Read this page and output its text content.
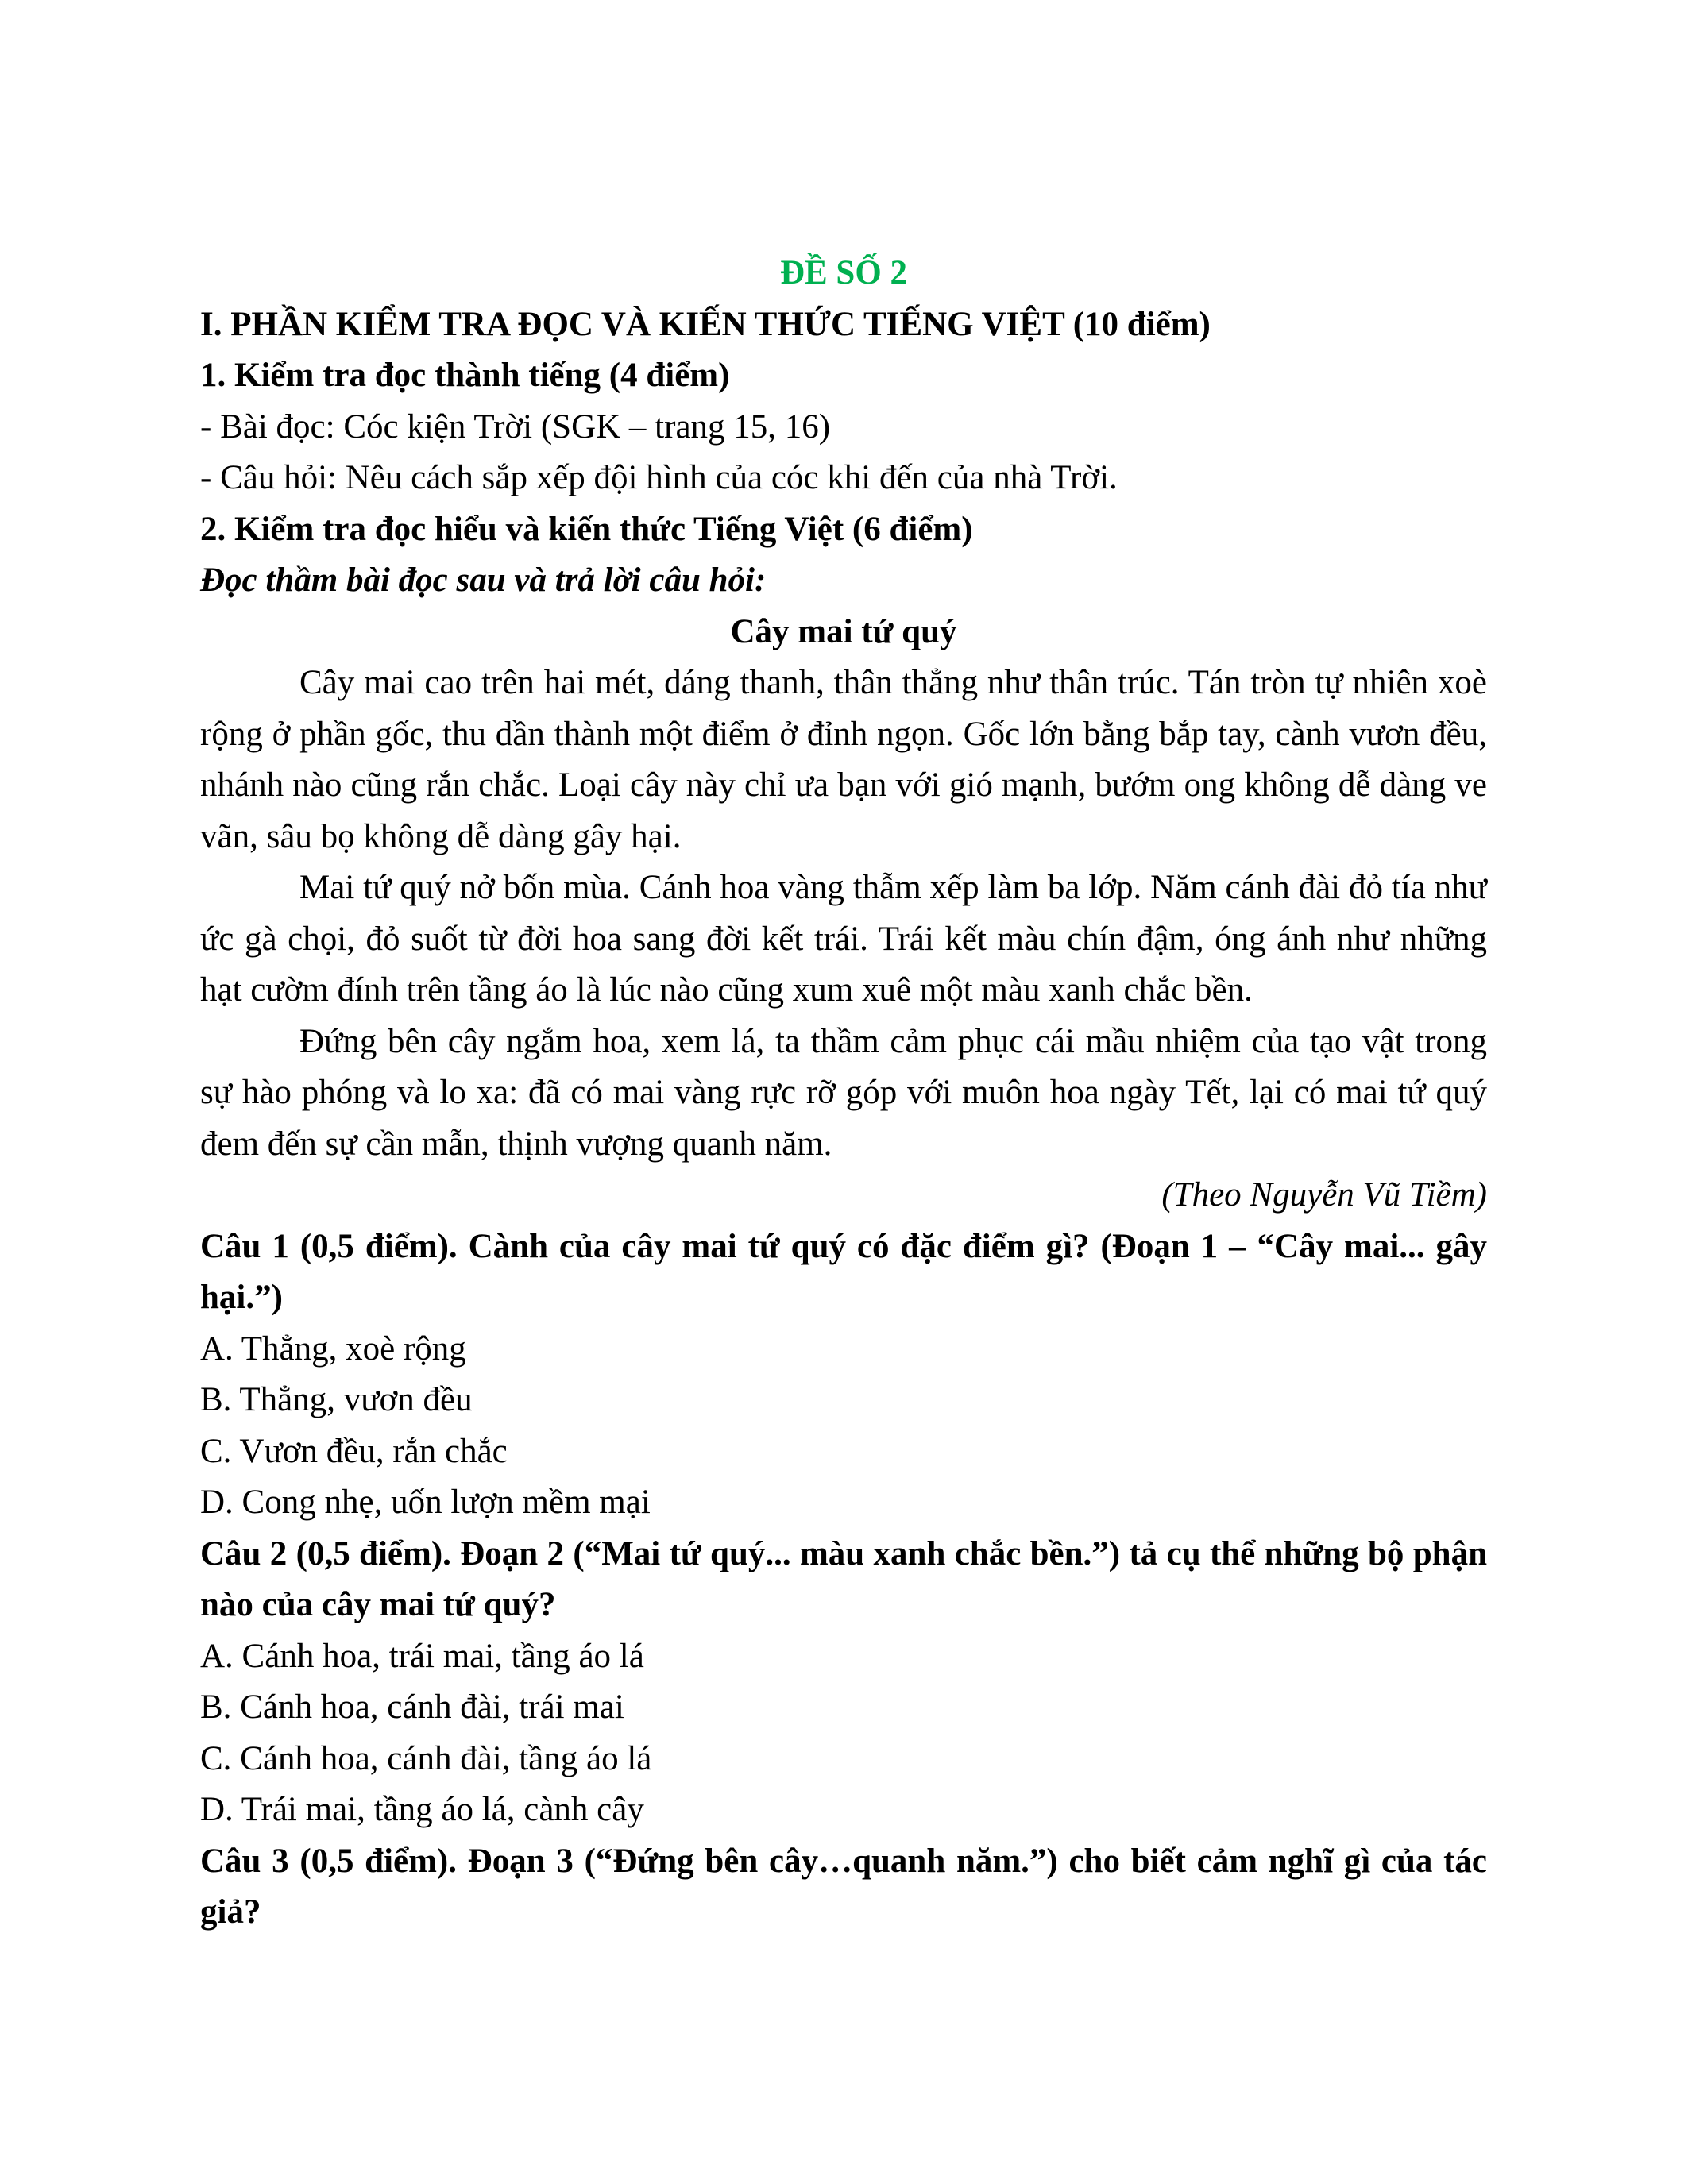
ĐỀ SỐ 2

I. PHẦN KIỂM TRA ĐỌC VÀ KIẾN THỨC TIẾNG VIỆT (10 điểm)

1. Kiểm tra đọc thành tiếng (4 điểm)

- Bài đọc: Cóc kiện Trời (SGK – trang 15, 16)

- Câu hỏi: Nêu cách sắp xếp đội hình của cóc khi đến của nhà Trời.

2. Kiểm tra đọc hiểu và kiến thức Tiếng Việt (6 điểm)

Đọc thầm bài đọc sau và trả lời câu hỏi:

Cây mai tứ quý

Cây mai cao trên hai mét, dáng thanh, thân thẳng như thân trúc. Tán tròn tự nhiên xoè rộng ở phần gốc, thu dần thành một điểm ở đỉnh ngọn. Gốc lớn bằng bắp tay, cành vươn đều, nhánh nào cũng rắn chắc. Loại cây này chỉ ưa bạn với gió mạnh, bướm ong không dễ dàng ve vãn, sâu bọ không dễ dàng gây hại.

Mai tứ quý nở bốn mùa. Cánh hoa vàng thẫm xếp làm ba lớp. Năm cánh đài đỏ tía như ức gà chọi, đỏ suốt từ đời hoa sang đời kết trái. Trái kết màu chín đậm, óng ánh như những hạt cườm đính trên tầng áo là lúc nào cũng xum xuê một màu xanh chắc bền.

Đứng bên cây ngắm hoa, xem lá, ta thầm cảm phục cái mầu nhiệm của tạo vật trong sự hào phóng và lo xa: đã có mai vàng rực rỡ góp với muôn hoa ngày Tết, lại có mai tứ quý đem đến sự cần mẫn, thịnh vượng quanh năm.

(Theo Nguyễn Vũ Tiềm)

Câu 1 (0,5 điểm). Cành của cây mai tứ quý có đặc điểm gì? (Đoạn 1 – “Cây mai... gây hại.”)

A. Thẳng, xoè rộng

B. Thẳng, vươn đều

C. Vươn đều, rắn chắc

D. Cong nhẹ, uốn lượn mềm mại

Câu 2 (0,5 điểm). Đoạn 2 (“Mai tứ quý... màu xanh chắc bền.”) tả cụ thể những bộ phận nào của cây mai tứ quý?

A. Cánh hoa, trái mai, tầng áo lá

B. Cánh hoa, cánh đài, trái mai

C. Cánh hoa, cánh đài, tầng áo lá

D. Trái mai, tầng áo lá, cành cây

Câu 3 (0,5 điểm). Đoạn 3 (“Đứng bên cây…quanh năm.”) cho biết cảm nghĩ gì của tác giả?
